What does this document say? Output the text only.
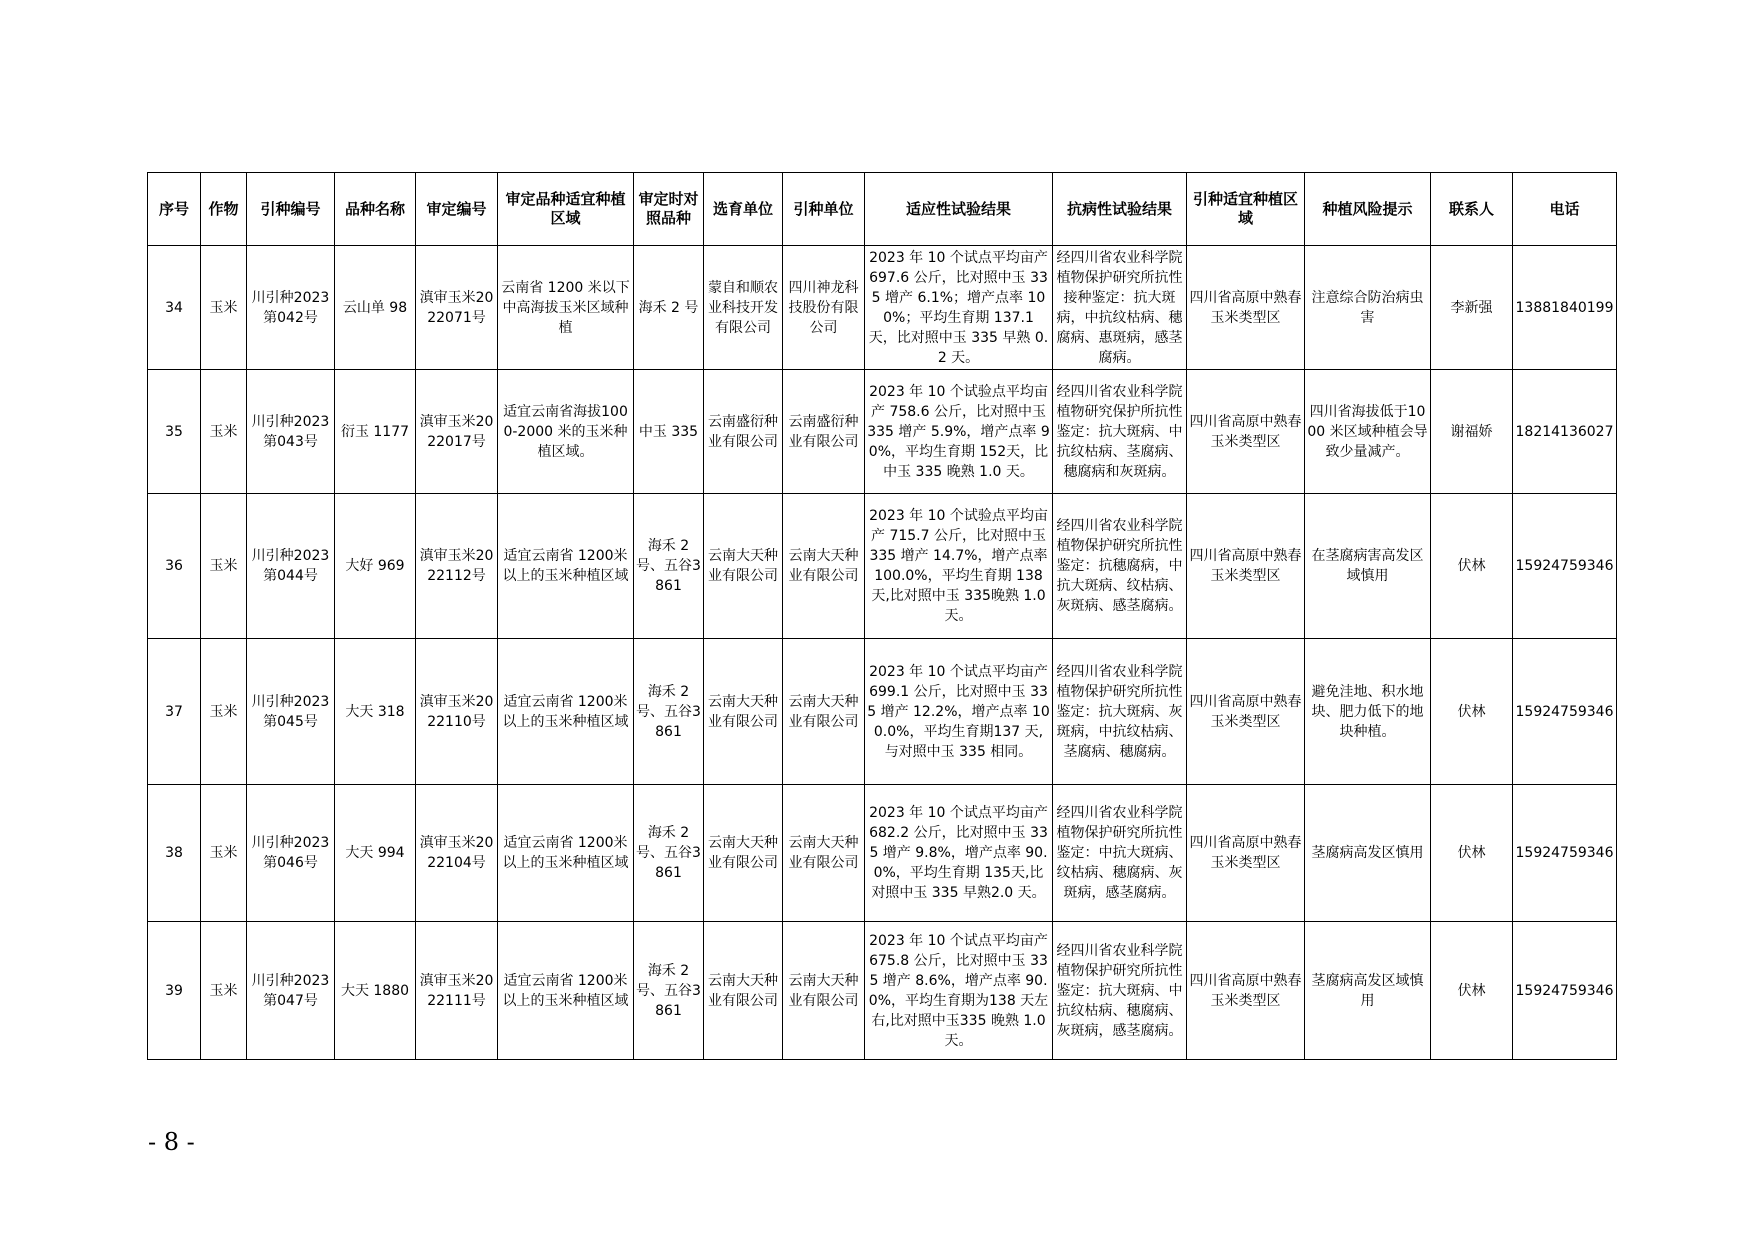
序号	作物	引种编号	品种名称	审定编号	审定品种适宜种植区域	审定时对照品种	选育单位	引种单位	适应性试验结果	抗病性试验结果	引种适宜种植区域	种植风险提示	联系人	电话
34	玉米	川引种2023第042号	云山单 98	滇审玉米2022071号	云南省 1200 米以下中高海拔玉米区域种植	海禾 2 号	蒙自和顺农业科技开发有限公司	四川神龙科技股份有限公司	2023 年 10 个试点平均亩产 697.6 公斤，比对照中玉 335 增产 6.1%；增产点率 100%；平均生育期 137.1 天，比对照中玉 335 早熟 0.2 天。	经四川省农业科学院植物保护研究所抗性接种鉴定：抗大斑病，中抗纹枯病、穗腐病、惠斑病，感茎腐病。	四川省高原中熟春玉米类型区	注意综合防治病虫害	李新强	13881840199
35	玉米	川引种2023第043号	衍玉 1177	滇审玉米2022017号	适宜云南省海拔1000-2000 米的玉米种植区域。	中玉 335	云南盛衍种业有限公司	云南盛衍种业有限公司	2023 年 10 个试验点平均亩产 758.6 公斤，比对照中玉 335 增产 5.9%，增产点率 90%，平均生育期 152天，比中玉 335 晚熟 1.0 天。	经四川省农业科学院植物研究保护所抗性鉴定：抗大斑病、中抗纹枯病、茎腐病、穗腐病和灰斑病。	四川省高原中熟春玉米类型区	四川省海拔低于1000 米区域种植会导致少量减产。	谢福娇	18214136027
36	玉米	川引种2023第044号	大好 969	滇审玉米2022112号	适宜云南省 1200米以上的玉米种植区域	海禾 2号、五谷3861	云南大天种业有限公司	云南大天种业有限公司	2023 年 10 个试验点平均亩产 715.7 公斤，比对照中玉 335 增产 14.7%，增产点率 100.0%，平均生育期 138 天,比对照中玉 335晚熟 1.0 天。	经四川省农业科学院植物保护研究所抗性鉴定：抗穗腐病，中抗大斑病、纹枯病、灰斑病、感茎腐病。	四川省高原中熟春玉米类型区	在茎腐病害高发区域慎用	伏林	15924759346
37	玉米	川引种2023第045号	大天 318	滇审玉米2022110号	适宜云南省 1200米以上的玉米种植区域	海禾 2号、五谷3861	云南大天种业有限公司	云南大天种业有限公司	2023 年 10 个试点平均亩产 699.1 公斤，比对照中玉 335 增产 12.2%，增产点率 100.0%，平均生育期137 天,与对照中玉 335 相同。	经四川省农业科学院植物保护研究所抗性鉴定：抗大斑病、灰斑病，中抗纹枯病、茎腐病、穗腐病。	四川省高原中熟春玉米类型区	避免洼地、积水地块、肥力低下的地块种植。	伏林	15924759346
38	玉米	川引种2023第046号	大天 994	滇审玉米2022104号	适宜云南省 1200米以上的玉米种植区域	海禾 2号、五谷3861	云南大天种业有限公司	云南大天种业有限公司	2023 年 10 个试点平均亩产 682.2 公斤，比对照中玉 335 增产 9.8%，增产点率 90.0%，平均生育期 135天,比对照中玉 335 早熟2.0 天。	经四川省农业科学院植物保护研究所抗性鉴定：中抗大斑病、纹枯病、穗腐病、灰斑病，感茎腐病。	四川省高原中熟春玉米类型区	茎腐病高发区慎用	伏林	15924759346
39	玉米	川引种2023第047号	大天 1880	滇审玉米2022111号	适宜云南省 1200米以上的玉米种植区域	海禾 2号、五谷3861	云南大天种业有限公司	云南大天种业有限公司	2023 年 10 个试点平均亩产 675.8 公斤，比对照中玉 335 增产 8.6%，增产点率 90.0%，平均生育期为138 天左右,比对照中玉335 晚熟 1.0 天。	经四川省农业科学院植物保护研究所抗性鉴定：抗大斑病、中抗纹枯病、穗腐病、灰斑病，感茎腐病。	四川省高原中熟春玉米类型区	茎腐病高发区域慎用	伏林	15924759346
- 8 -
